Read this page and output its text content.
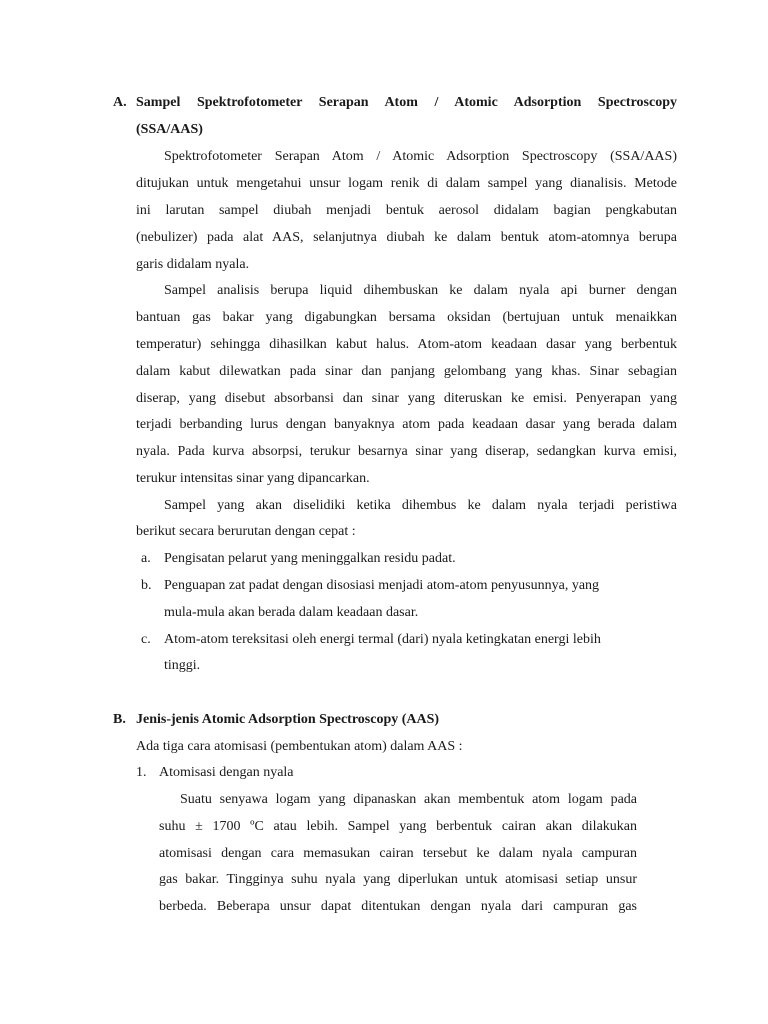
A. Sampel Spektrofotometer Serapan Atom / Atomic Adsorption Spectroscopy
(SSA/AAS)
Spektrofotometer Serapan Atom / Atomic Adsorption Spectroscopy (SSA/AAS)
ditujukan untuk mengetahui unsur logam renik di dalam sampel yang dianalisis. Metode
ini larutan sampel diubah menjadi bentuk aerosol didalam bagian pengkabutan
(nebulizer) pada alat AAS, selanjutnya diubah ke dalam bentuk atom-atomnya berupa
garis didalam nyala.
Sampel analisis berupa liquid dihembuskan ke dalam nyala api burner dengan
bantuan gas bakar yang digabungkan bersama oksidan (bertujuan untuk menaikkan
temperatur) sehingga dihasilkan kabut halus. Atom-atom keadaan dasar yang berbentuk
dalam kabut dilewatkan pada sinar dan panjang gelombang yang khas. Sinar sebagian
diserap, yang disebut absorbansi dan sinar yang diteruskan ke emisi. Penyerapan yang
terjadi berbanding lurus dengan banyaknya atom pada keadaan dasar yang berada dalam
nyala. Pada kurva absorpsi, terukur besarnya sinar yang diserap, sedangkan kurva emisi,
terukur intensitas sinar yang dipancarkan.
Sampel yang akan diselidiki ketika dihembus ke dalam nyala terjadi peristiwa
berikut secara berurutan dengan cepat :
a. Pengisatan pelarut yang meninggalkan residu padat.
b. Penguapan zat padat dengan disosiasi menjadi atom-atom penyusunnya, yang
mula-mula akan berada dalam keadaan dasar.
c. Atom-atom tereksitasi oleh energi termal (dari) nyala ketingkatan energi lebih
tinggi.
B. Jenis-jenis Atomic Adsorption Spectroscopy (AAS)
Ada tiga cara atomisasi (pembentukan atom) dalam AAS :
1. Atomisasi dengan nyala
Suatu senyawa logam yang dipanaskan akan membentuk atom logam pada
suhu ± 1700 ºC atau lebih. Sampel yang berbentuk cairan akan dilakukan
atomisasi dengan cara memasukan cairan tersebut ke dalam nyala campuran
gas bakar. Tingginya suhu nyala yang diperlukan untuk atomisasi setiap unsur
berbeda. Beberapa unsur dapat ditentukan dengan nyala dari campuran gas
